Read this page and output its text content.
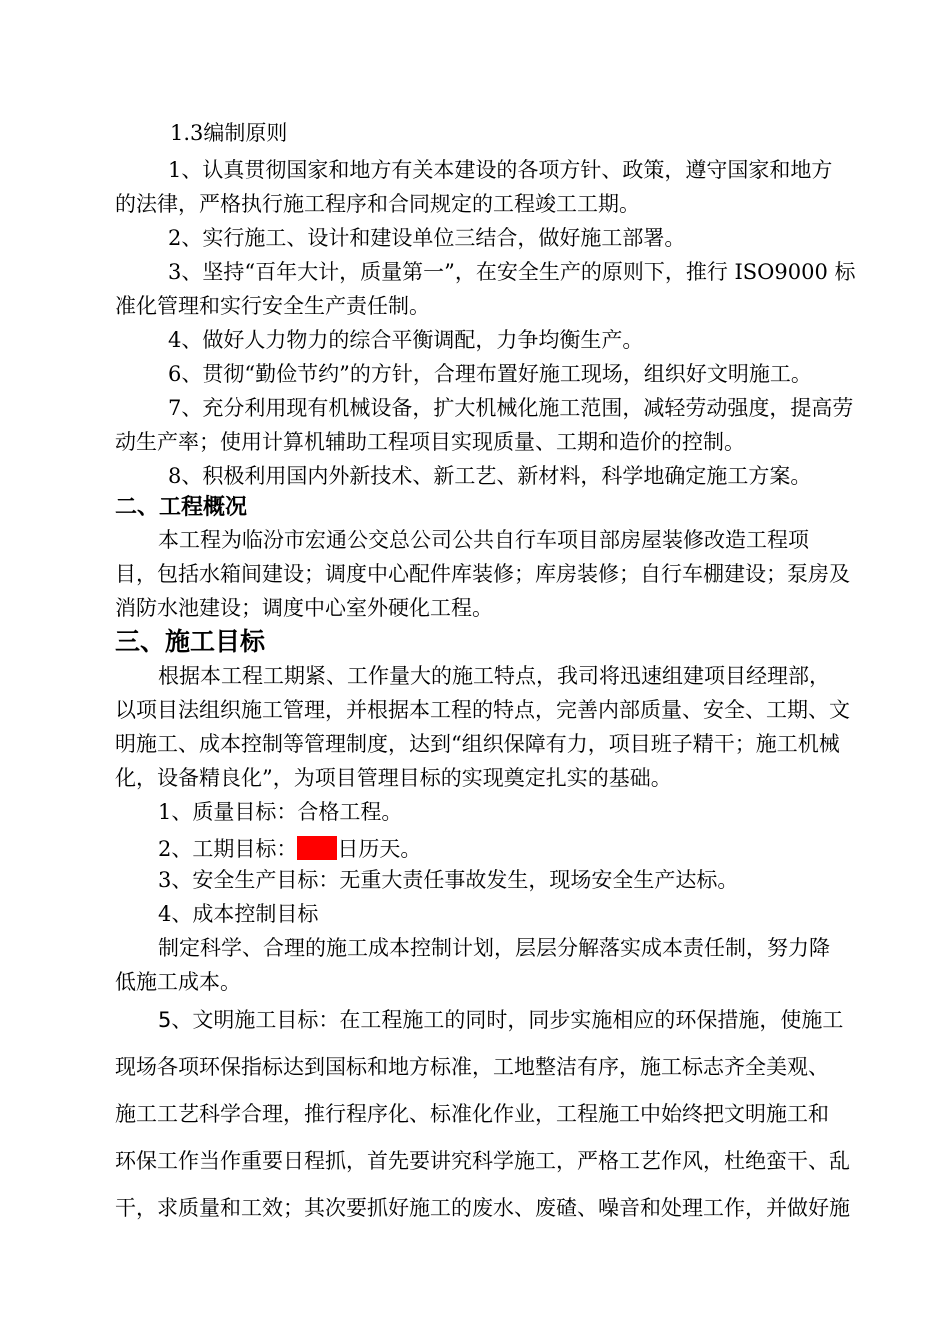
1.3编制原则
1、认真贯彻国家和地方有关本建设的各项方针、政策，遵守国家和地方
的法律，严格执行施工程序和合同规定的工程竣工工期。
2、实行施工、设计和建设单位三结合，做好施工部署。
3、坚持“百年大计，质量第一”，在安全生产的原则下，推行 ISO9000 标
准化管理和实行安全生产责任制。
4、做好人力物力的综合平衡调配，力争均衡生产。
6、贯彻“勤俭节约”的方针，合理布置好施工现场，组织好文明施工。
7、充分利用现有机械设备，扩大机械化施工范围，减轻劳动强度，提高劳
动生产率；使用计算机辅助工程项目实现质量、工期和造价的控制。
8、积极利用国内外新技术、新工艺、新材料，科学地确定施工方案。
二、工程概况
本工程为临汾市宏通公交总公司公共自行车项目部房屋装修改造工程项
目，包括水箱间建设；调度中心配件库装修；库房装修；自行车棚建设；泵房及
消防水池建设；调度中心室外硬化工程。
三、施工目标
根据本工程工期紧、工作量大的施工特点，我司将迅速组建项目经理部，
以项目法组织施工管理，并根据本工程的特点，完善内部质量、安全、工期、文
明施工、成本控制等管理制度，达到“组织保障有力，项目班子精干；施工机械
化，设备精良化”，为项目管理目标的实现奠定扎实的基础。
1、质量目标：合格工程。
2、工期目标： 日历天。
3、安全生产目标：无重大责任事故发生，现场安全生产达标。
4、成本控制目标
制定科学、合理的施工成本控制计划，层层分解落实成本责任制，努力降
低施工成本。
5、文明施工目标：在工程施工的同时，同步实施相应的环保措施，使施工
现场各项环保指标达到国标和地方标准，工地整洁有序，施工标志齐全美观、
施工工艺科学合理，推行程序化、标准化作业，工程施工中始终把文明施工和
环保工作当作重要日程抓，首先要讲究科学施工，严格工艺作风，杜绝蛮干、乱
干，求质量和工效；其次要抓好施工的废水、废碴、噪音和处理工作，并做好施
